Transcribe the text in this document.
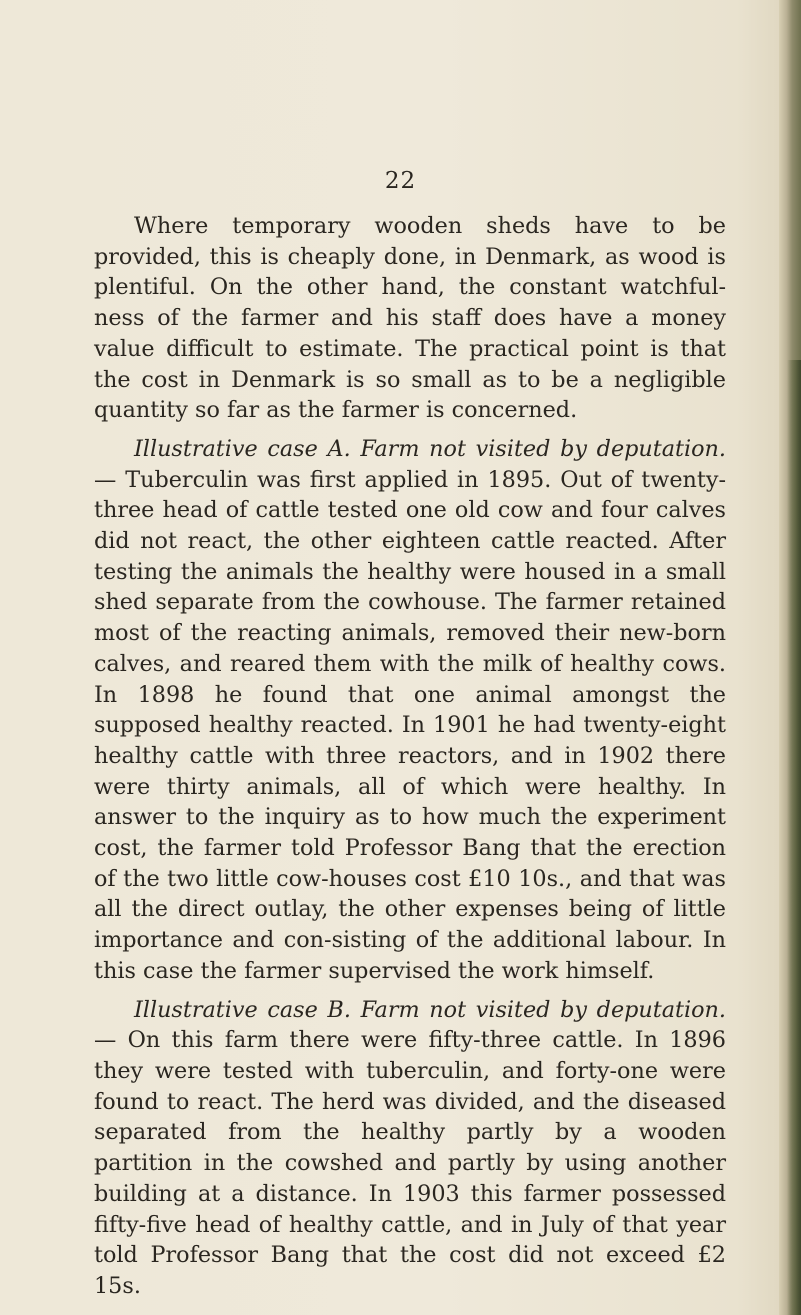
22

Where temporary wooden sheds have to be provided, this is cheaply done, in Denmark, as wood is plentiful. On the other hand, the constant watchful-ness of the farmer and his staff does have a money value difficult to estimate. The practical point is that the cost in Denmark is so small as to be a negligible quantity so far as the farmer is concerned.

Illustrative case A. Farm not visited by deputation.— Tuberculin was first applied in 1895. Out of twenty-three head of cattle tested one old cow and four calves did not react, the other eighteen cattle reacted. After testing the animals the healthy were housed in a small shed separate from the cowhouse. The farmer retained most of the reacting animals, removed their new-born calves, and reared them with the milk of healthy cows. In 1898 he found that one animal amongst the supposed healthy reacted. In 1901 he had twenty-eight healthy cattle with three reactors, and in 1902 there were thirty animals, all of which were healthy. In answer to the inquiry as to how much the experiment cost, the farmer told Professor Bang that the erection of the two little cow-houses cost £10 10s., and that was all the direct outlay, the other expenses being of little importance and con-sisting of the additional labour. In this case the farmer supervised the work himself.

Illustrative case B. Farm not visited by deputation.— On this farm there were fifty-three cattle. In 1896 they were tested with tuberculin, and forty-one were found to react. The herd was divided, and the diseased separated from the healthy partly by a wooden partition in the cowshed and partly by using another building at a distance. In 1903 this farmer possessed fifty-five head of healthy cattle, and in July of that year told Professor Bang that the cost did not exceed £2 15s.
